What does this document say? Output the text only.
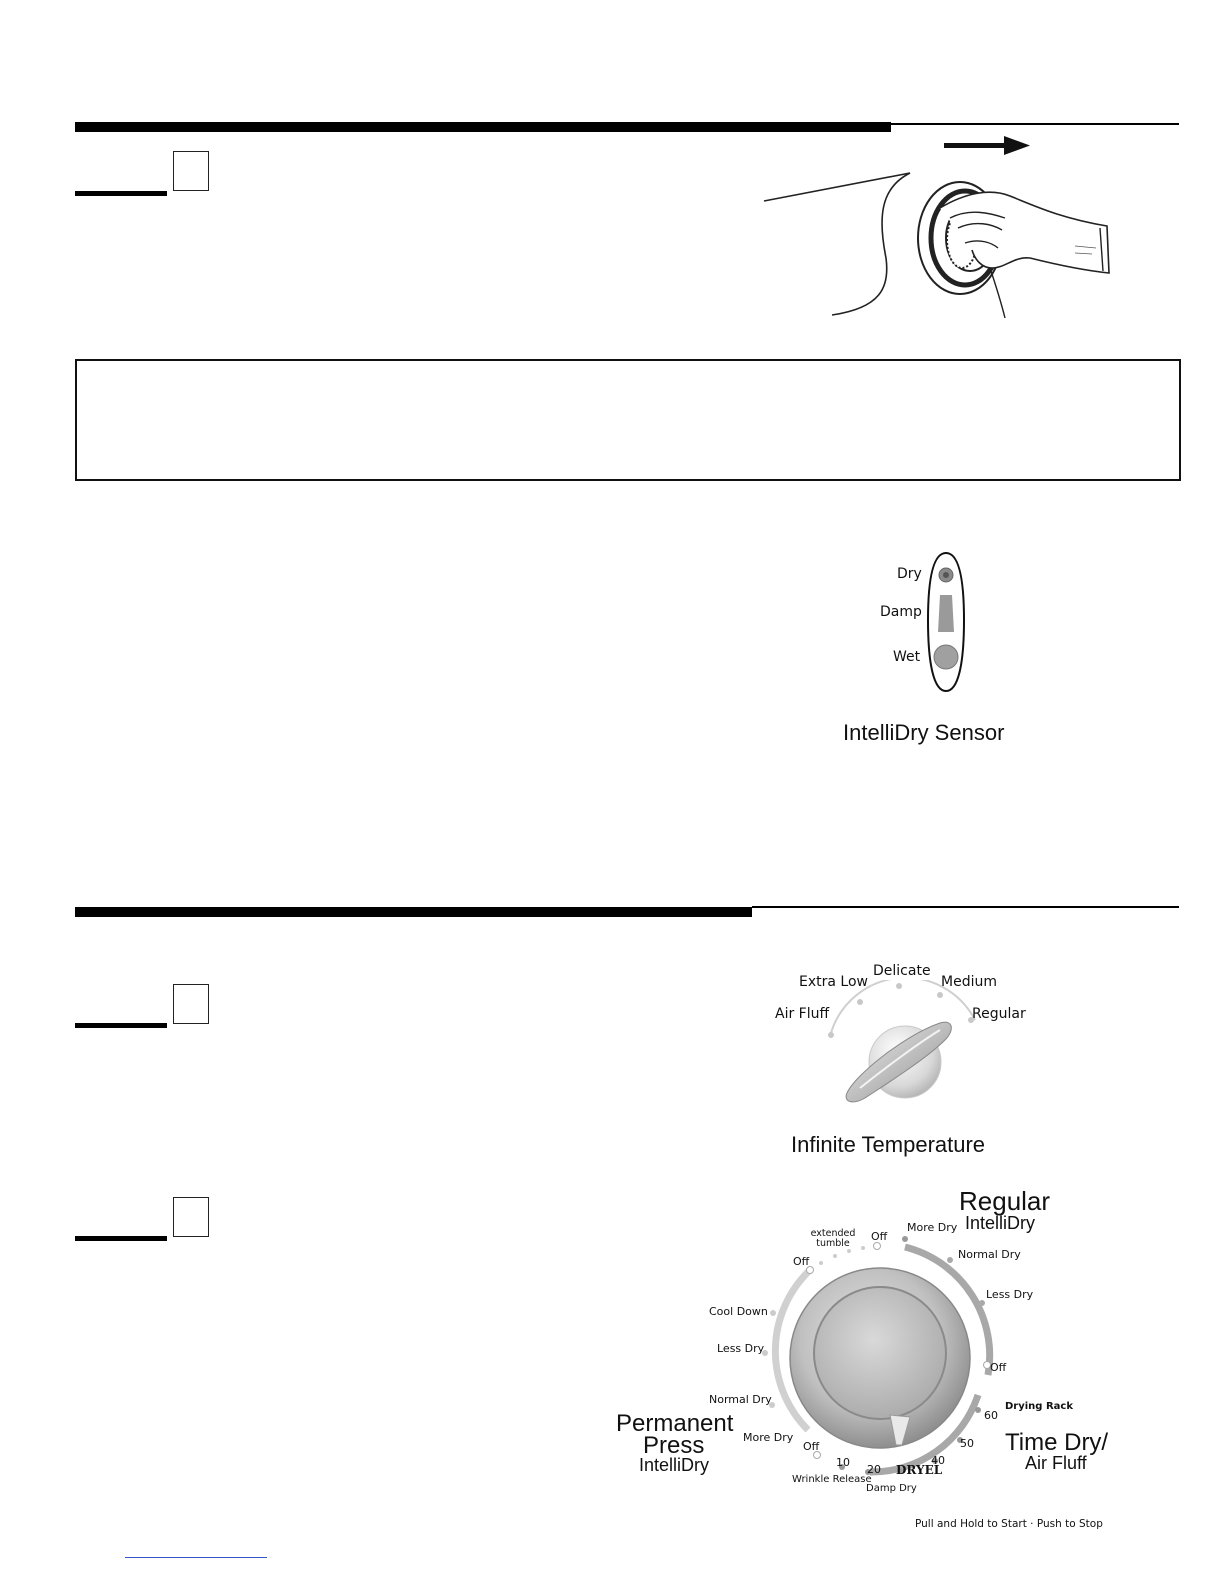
Dry
Damp
Wet
IntelliDry Sensor
Air Fluff
Extra Low
Delicate
Medium
Regular
Infinite Temperature
Regular
IntelliDry
More Dry
Normal Dry
Less Dry
Off
Time Dry/
Air Fluff
Drying Rack
60
50
40
DRYEL
Damp Dry
20
10
Wrinkle Release
Off
Permanent
Press
IntelliDry
More Dry
Normal Dry
Less Dry
Cool Down
Off
extended tumble
Off
Pull and Hold to Start · Push to Stop
